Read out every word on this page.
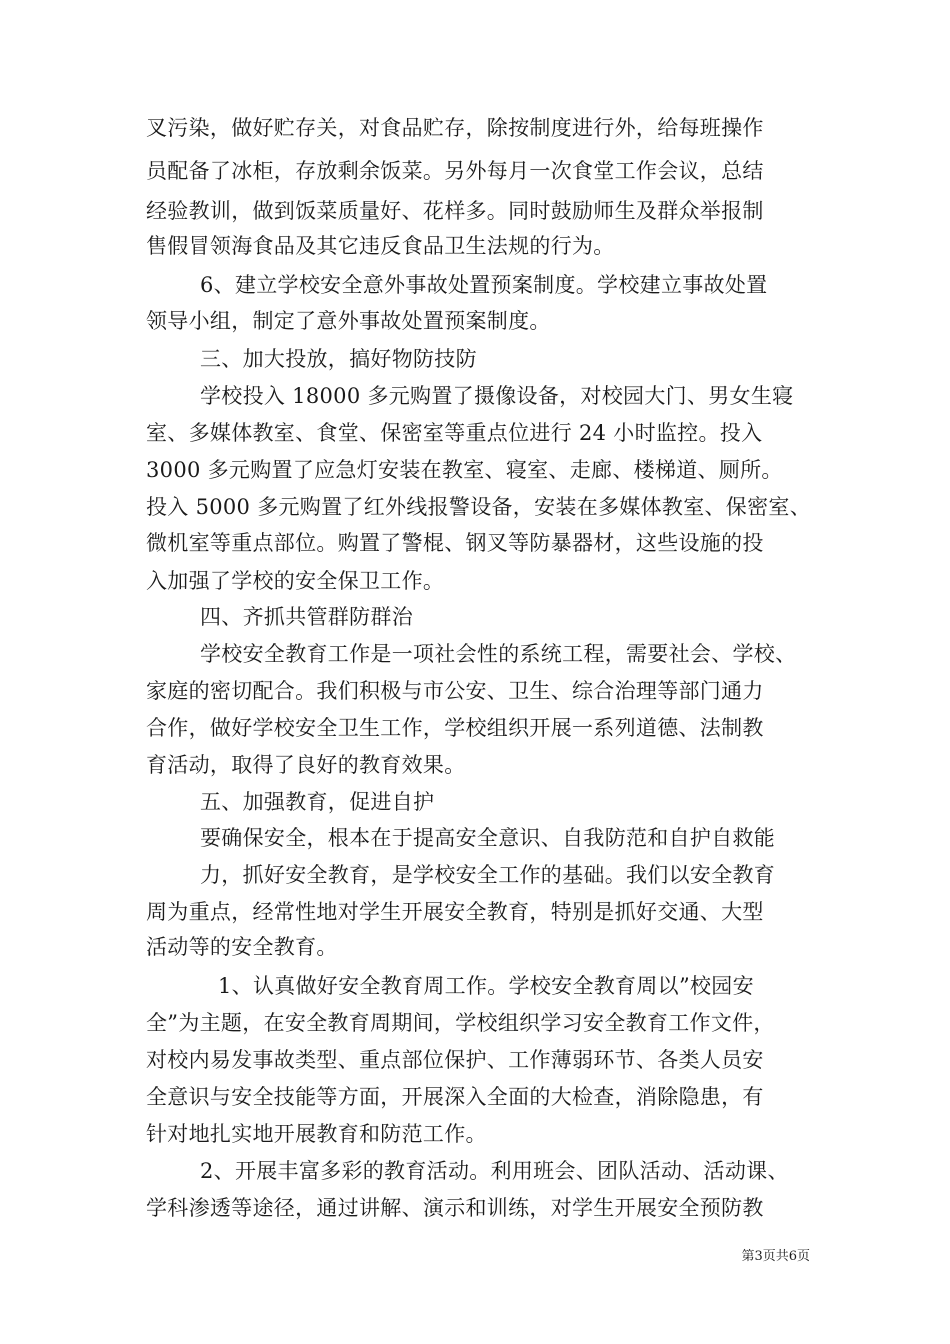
叉污染，做好贮存关，对食品贮存，除按制度进行外，给每班操作

员配备了冰柜，存放剩余饭菜。另外每月一次食堂工作会议，总结

经验教训，做到饭菜质量好、花样多。同时鼓励师生及群众举报制

售假冒领海食品及其它违反食品卫生法规的行为。

6、建立学校安全意外事故处置预案制度。学校建立事故处置

领导小组，制定了意外事故处置预案制度。

三、加大投放，搞好物防技防

学校投入 18000 多元购置了摄像设备，对校园大门、男女生寝

室、多媒体教室、食堂、保密室等重点位进行 24 小时监控。投入

3000 多元购置了应急灯安装在教室、寝室、走廊、楼梯道、厕所。

投入 5000 多元购置了红外线报警设备，安装在多媒体教室、保密室、

微机室等重点部位。购置了警棍、钢叉等防暴器材，这些设施的投

入加强了学校的安全保卫工作。

四、齐抓共管群防群治

学校安全教育工作是一项社会性的系统工程，需要社会、学校、

家庭的密切配合。我们积极与市公安、卫生、综合治理等部门通力

合作，做好学校安全卫生工作，学校组织开展一系列道德、法制教

育活动，取得了良好的教育效果。

五、加强教育，促进自护

要确保安全，根本在于提高安全意识、自我防范和自护自救能

力，抓好安全教育，是学校安全工作的基础。我们以安全教育

周为重点，经常性地对学生开展安全教育，特别是抓好交通、大型

活动等的安全教育。

1、认真做好安全教育周工作。学校安全教育周以”校园安

全”为主题，在安全教育周期间，学校组织学习安全教育工作文件，

对校内易发事故类型、重点部位保护、工作薄弱环节、各类人员安

全意识与安全技能等方面，开展深入全面的大检查，消除隐患，有

针对地扎实地开展教育和防范工作。

2、开展丰富多彩的教育活动。利用班会、团队活动、活动课、

学科渗透等途径，通过讲解、演示和训练，对学生开展安全预防教

第3页共6页
